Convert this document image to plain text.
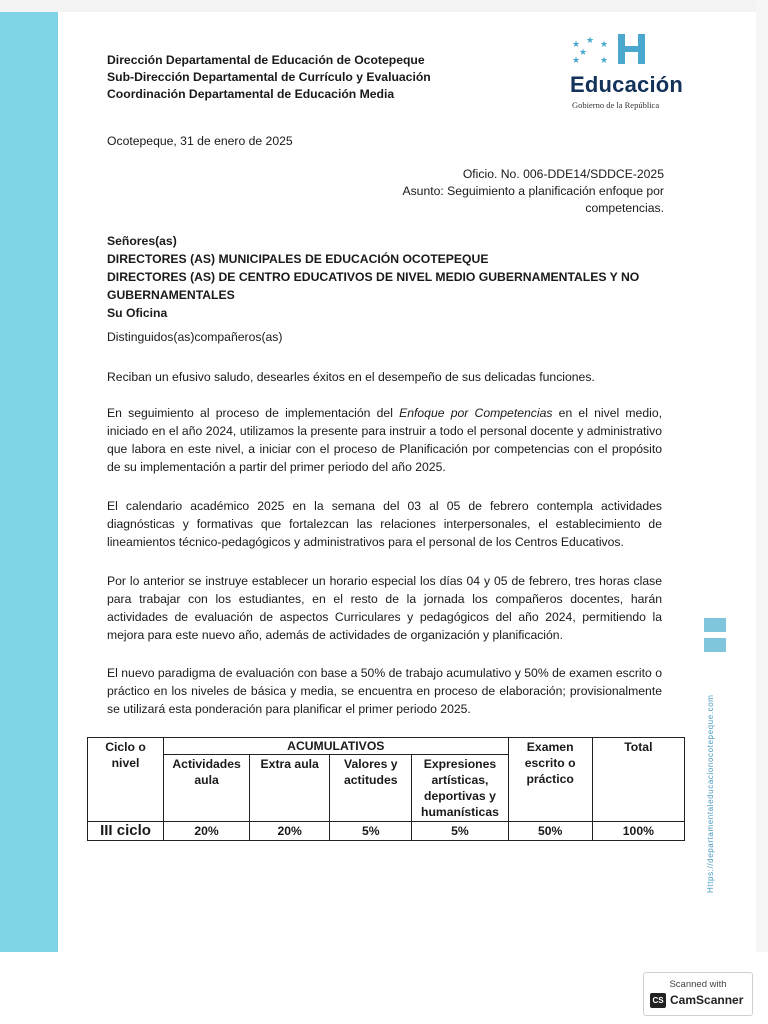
Dirección Departamental de Educación de Ocotepeque
Sub-Dirección Departamental de Currículo y Evaluación
Coordinación Departamental de Educación Media
★ ★
★
★
★ ★
Educación
Gobierno de la República
Ocotepeque, 31 de enero de 2025
Oficio. No. 006-DDE14/SDDCE-2025
Asunto: Seguimiento a planificación enfoque por
competencias.
Señores(as)
DIRECTORES (AS) MUNICIPALES DE EDUCACIÓN OCOTEPEQUE
DIRECTORES (AS) DE CENTRO EDUCATIVOS DE NIVEL MEDIO GUBERNAMENTALES Y NO GUBERNAMENTALES
Su Oficina
Distinguidos(as)compañeros(as)
Reciban un efusivo saludo, desearles éxitos en el desempeño de sus delicadas funciones.
En seguimiento al proceso de implementación del Enfoque por Competencias en el nivel medio, iniciado en el año 2024, utilizamos la presente para instruir a todo el personal docente y administrativo que labora en este nivel, a iniciar con el proceso de Planificación por competencias con el propósito de su implementación a partir del primer periodo del año 2025.
El calendario académico 2025 en la semana del 03 al 05 de febrero contempla actividades diagnósticas y formativas que fortalezcan las relaciones interpersonales, el establecimiento de lineamientos técnico-pedagógicos y administrativos para el personal de los Centros Educativos.
Por lo anterior se instruye establecer un horario especial los días 04 y 05 de febrero, tres horas clase para trabajar con los estudiantes, en el resto de la jornada los compañeros docentes, harán actividades de evaluación de aspectos Curriculares y pedagógicos del año 2024, permitiendo la mejora para este nuevo año, además de actividades de organización y planificación.
El nuevo paradigma de evaluación con base a 50% de trabajo acumulativo y 50% de examen escrito o práctico en los niveles de básica y media, se encuentra en proceso de elaboración; provisionalmente se utilizará esta ponderación para planificar el primer periodo 2025.
Ciclo o nivel	ACUMULATIVOS				Examen escrito o práctico	Total
	Actividades aula	Extra aula	Valores y actitudes	Expresiones artísticas, deportivas y humanísticas		
III ciclo	20%	20%	5%	5%	50%	100%	Https://departamentaleducacionocotepeque.com
Scanned with
CS CamScanner
